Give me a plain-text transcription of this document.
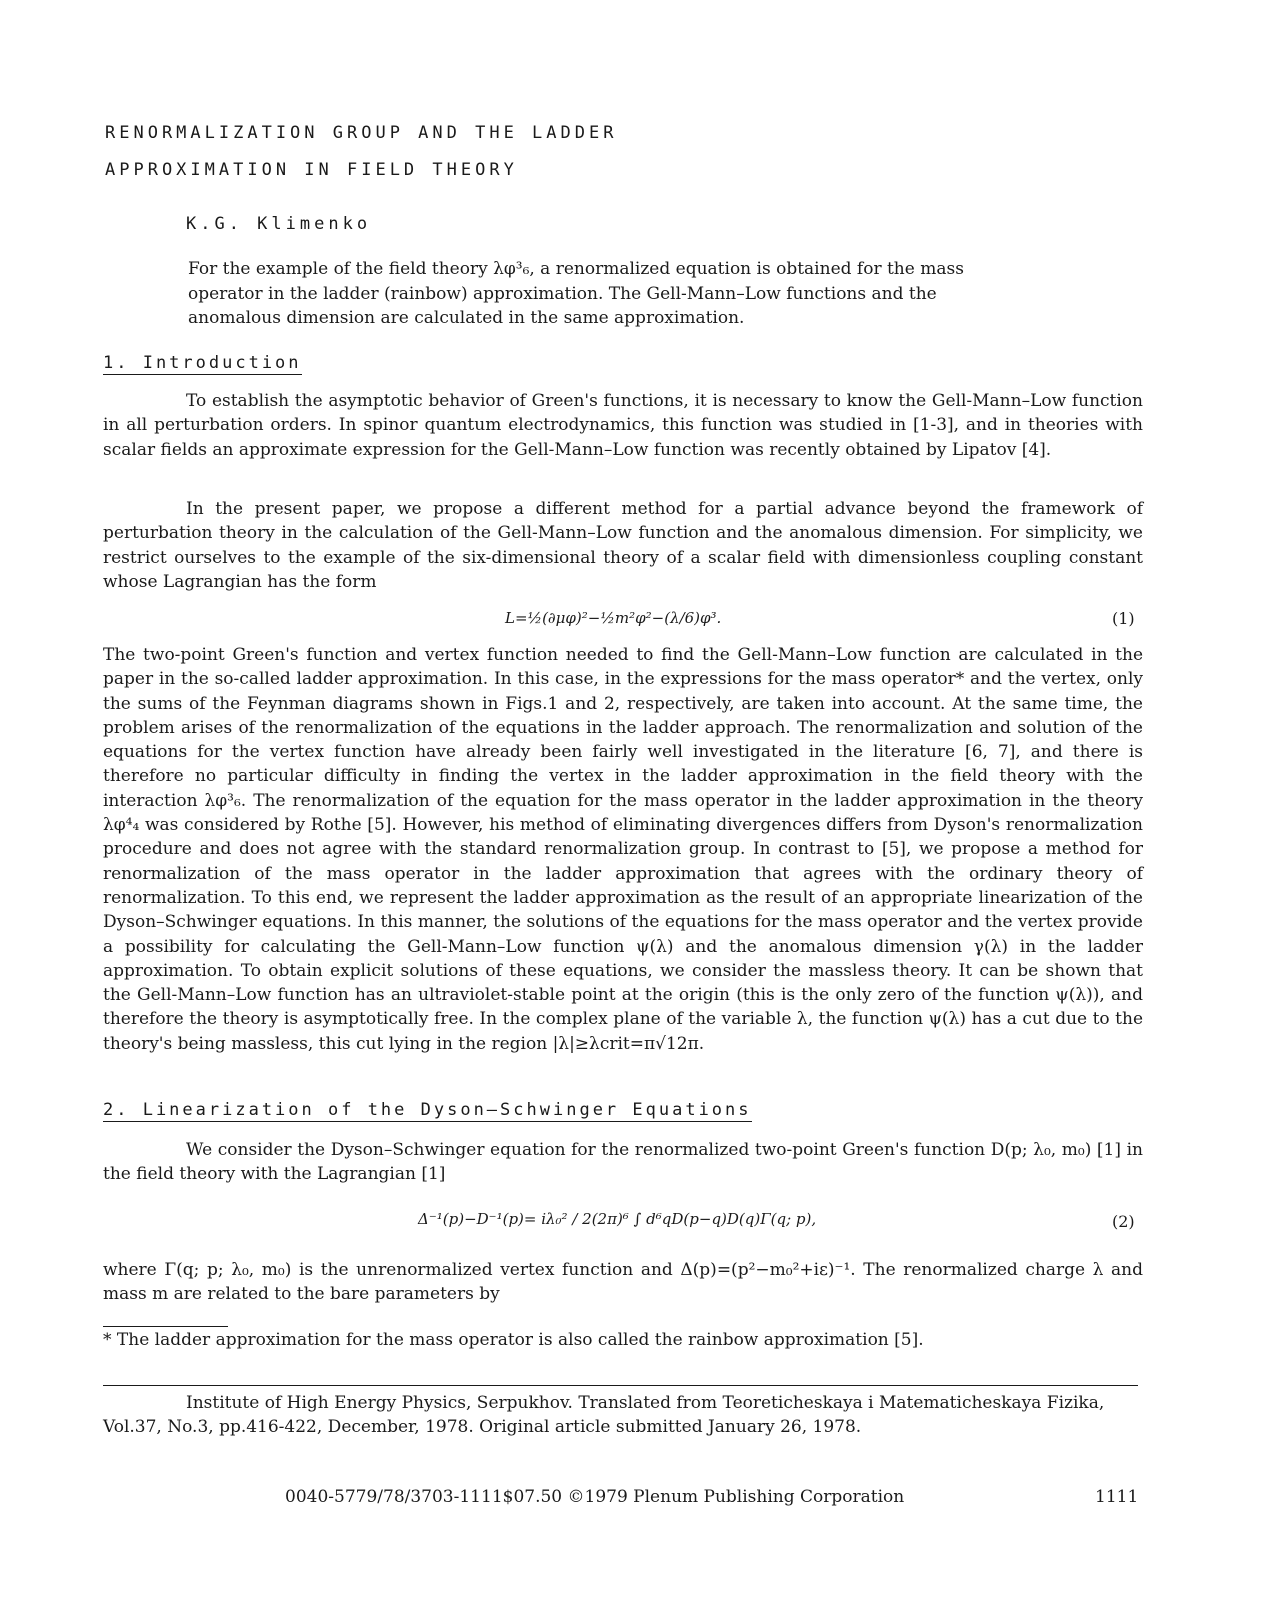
RENORMALIZATION GROUP AND THE LADDER
APPROXIMATION IN FIELD THEORY
K.G. Klimenko

For the example of the field theory λφ³₆, a renormalized equation is obtained for the mass operator in the ladder (rainbow) approximation. The Gell-Mann–Low functions and the anomalous dimension are calculated in the same approximation.

1. Introduction

To establish the asymptotic behavior of Green's functions, it is necessary to know the Gell-Mann–Low function in all perturbation orders. In spinor quantum electrodynamics, this function was studied in [1-3], and in theories with scalar fields an approximate expression for the Gell-Mann–Low function was recently obtained by Lipatov [4].

In the present paper, we propose a different method for a partial advance beyond the framework of perturbation theory in the calculation of the Gell-Mann–Low function and the anomalous dimension. For simplicity, we restrict ourselves to the example of the six-dimensional theory of a scalar field with dimensionless coupling constant whose Lagrangian has the form

L=½(∂μφ)²−½m²φ²−(λ/6)φ³.	(1)

The two-point Green's function and vertex function needed to find the Gell-Mann–Low function are calculated in the paper in the so-called ladder approximation. In this case, in the expressions for the mass operator* and the vertex, only the sums of the Feynman diagrams shown in Figs.1 and 2, respectively, are taken into account. At the same time, the problem arises of the renormalization of the equations in the ladder approach. The renormalization and solution of the equations for the vertex function have already been fairly well investigated in the literature [6, 7], and there is therefore no particular difficulty in finding the vertex in the ladder approximation in the field theory with the interaction λφ³₆. The renormalization of the equation for the mass operator in the ladder approximation in the theory λφ⁴₄ was considered by Rothe [5]. However, his method of eliminating divergences differs from Dyson's renormalization procedure and does not agree with the standard renormalization group. In contrast to [5], we propose a method for renormalization of the mass operator in the ladder approximation that agrees with the ordinary theory of renormalization. To this end, we represent the ladder approximation as the result of an appropriate linearization of the Dyson–Schwinger equations. In this manner, the solutions of the equations for the mass operator and the vertex provide a possibility for calculating the Gell-Mann–Low function ψ(λ) and the anomalous dimension γ(λ) in the ladder approximation. To obtain explicit solutions of these equations, we consider the massless theory. It can be shown that the Gell-Mann–Low function has an ultraviolet-stable point at the origin (this is the only zero of the function ψ(λ)), and therefore the theory is asymptotically free. In the complex plane of the variable λ, the function ψ(λ) has a cut due to the theory's being massless, this cut lying in the region |λ|≥λcrit=π√12π.

2. Linearization of the Dyson–Schwinger Equations

We consider the Dyson–Schwinger equation for the renormalized two-point Green's function D(p; λ₀, m₀) [1] in the field theory with the Lagrangian [1]

Δ⁻¹(p)−D⁻¹(p)= iλ₀² / 2(2π)⁶ ∫ d⁶qD(p−q)D(q)Γ(q; p),	(2)

where Γ(q; p; λ₀, m₀) is the unrenormalized vertex function and Δ(p)=(p²−m₀²+iε)⁻¹. The renormalized charge λ and mass m are related to the bare parameters by

* The ladder approximation for the mass operator is also called the rainbow approximation [5].

Institute of High Energy Physics, Serpukhov. Translated from Teoreticheskaya i Matematicheskaya Fizika, Vol.37, No.3, pp.416-422, December, 1978. Original article submitted January 26, 1978.

0040-5779/78/3703-1111$07.50 ©1979 Plenum Publishing Corporation	1111
